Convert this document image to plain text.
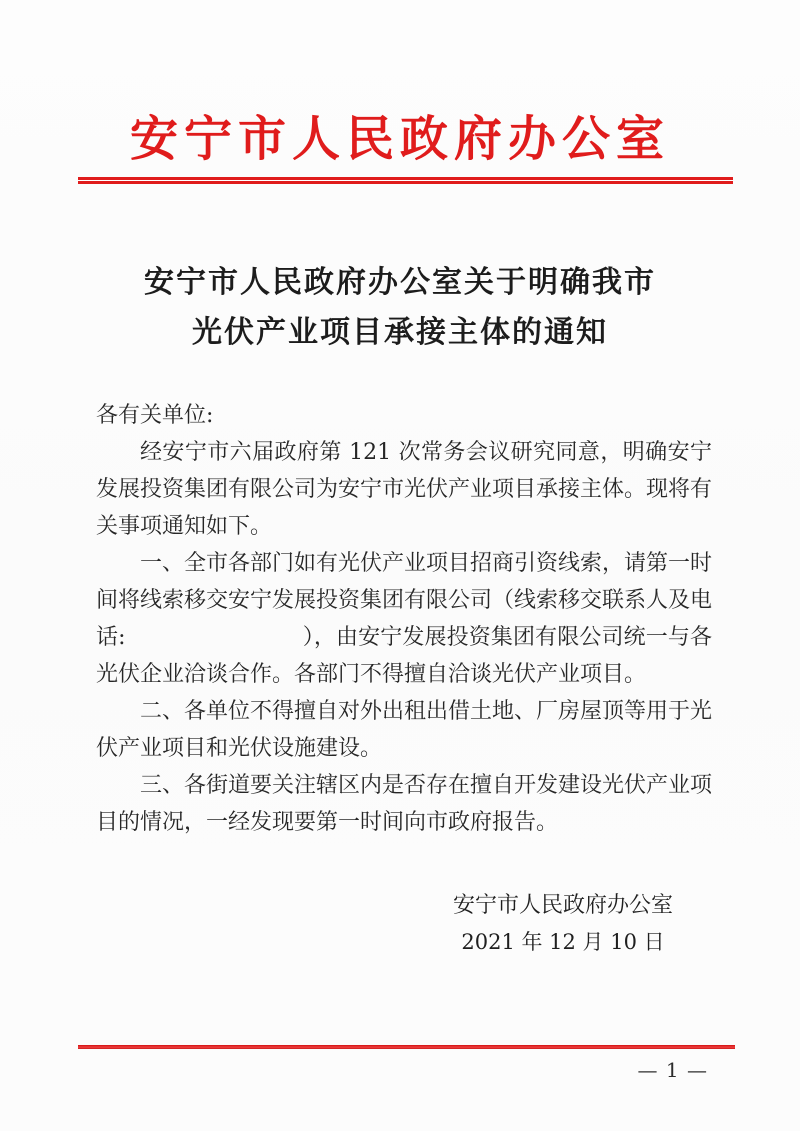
安宁市人民政府办公室
安宁市人民政府办公室关于明确我市
光伏产业项目承接主体的通知

各有关单位:

经安宁市六届政府第 121 次常务会议研究同意，明确安宁发展投资集团有限公司为安宁市光伏产业项目承接主体。现将有关事项通知如下。

一、全市各部门如有光伏产业项目招商引资线索，请第一时间将线索移交安宁发展投资集团有限公司（线索移交联系人及电话:　　　　　　　　），由安宁发展投资集团有限公司统一与各光伏企业洽谈合作。各部门不得擅自洽谈光伏产业项目。

二、各单位不得擅自对外出租出借土地、厂房屋顶等用于光伏产业项目和光伏设施建设。

三、各街道要关注辖区内是否存在擅自开发建设光伏产业项目的情况，一经发现要第一时间向市政府报告。

安宁市人民政府办公室
2021 年 12 月 10 日
— 1 —
